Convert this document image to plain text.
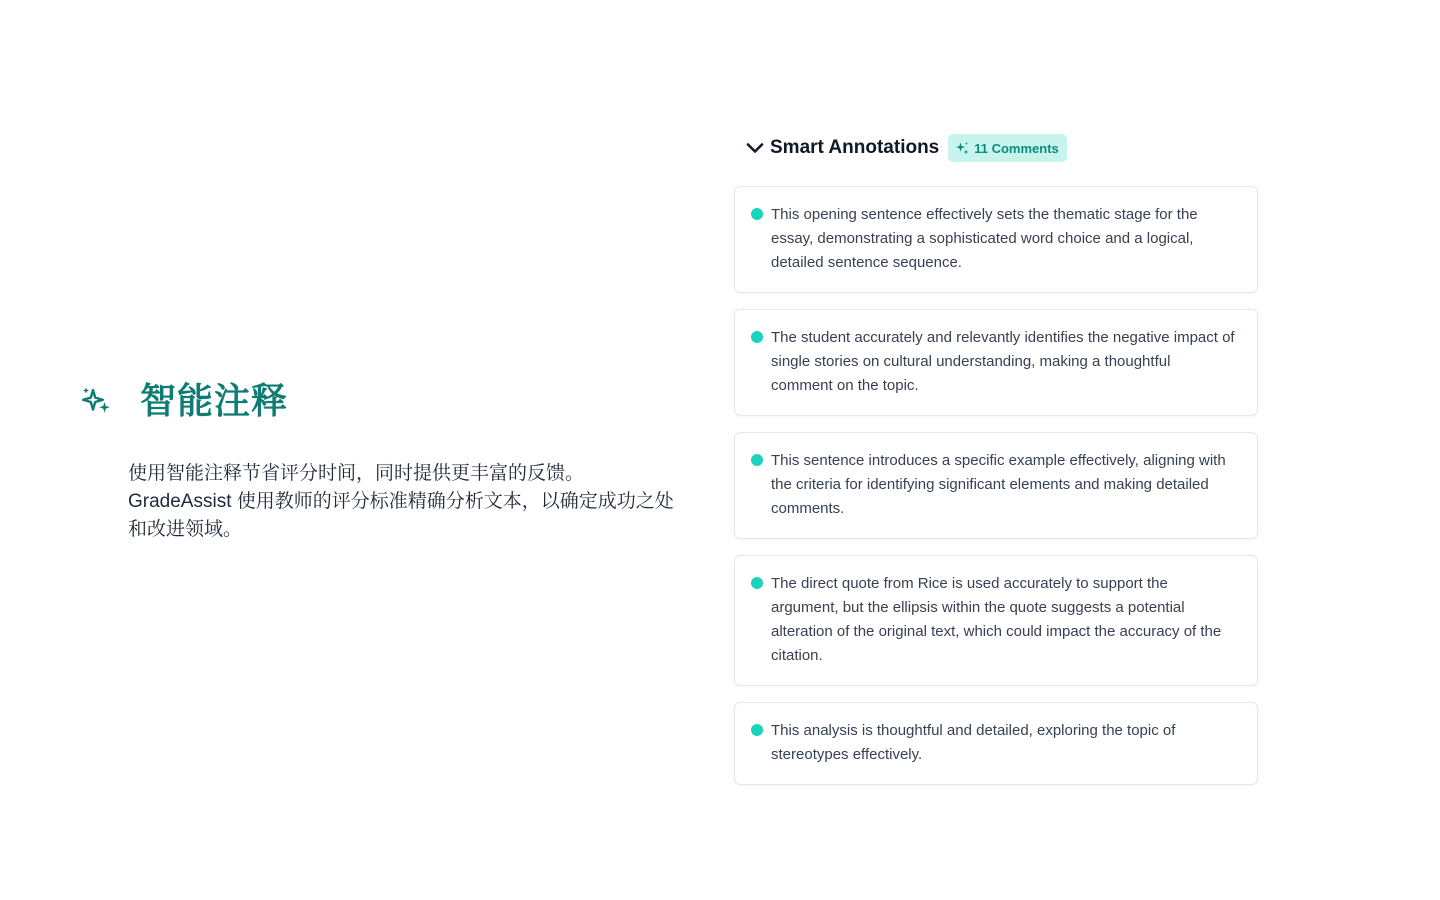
智能注释

使用智能注释节省评分时间，同时提供更丰富的反馈。GradeAssist 使用教师的评分标准精确分析文本，以确定成功之处和改进领域。

Smart Annotations	11 Comments

This opening sentence effectively sets the thematic stage for the essay, demonstrating a sophisticated word choice and a logical, detailed sentence sequence.

The student accurately and relevantly identifies the negative impact of single stories on cultural understanding, making a thoughtful comment on the topic.

This sentence introduces a specific example effectively, aligning with the criteria for identifying significant elements and making detailed comments.

The direct quote from Rice is used accurately to support the argument, but the ellipsis within the quote suggests a potential alteration of the original text, which could impact the accuracy of the citation.

This analysis is thoughtful and detailed, exploring the topic of stereotypes effectively.
